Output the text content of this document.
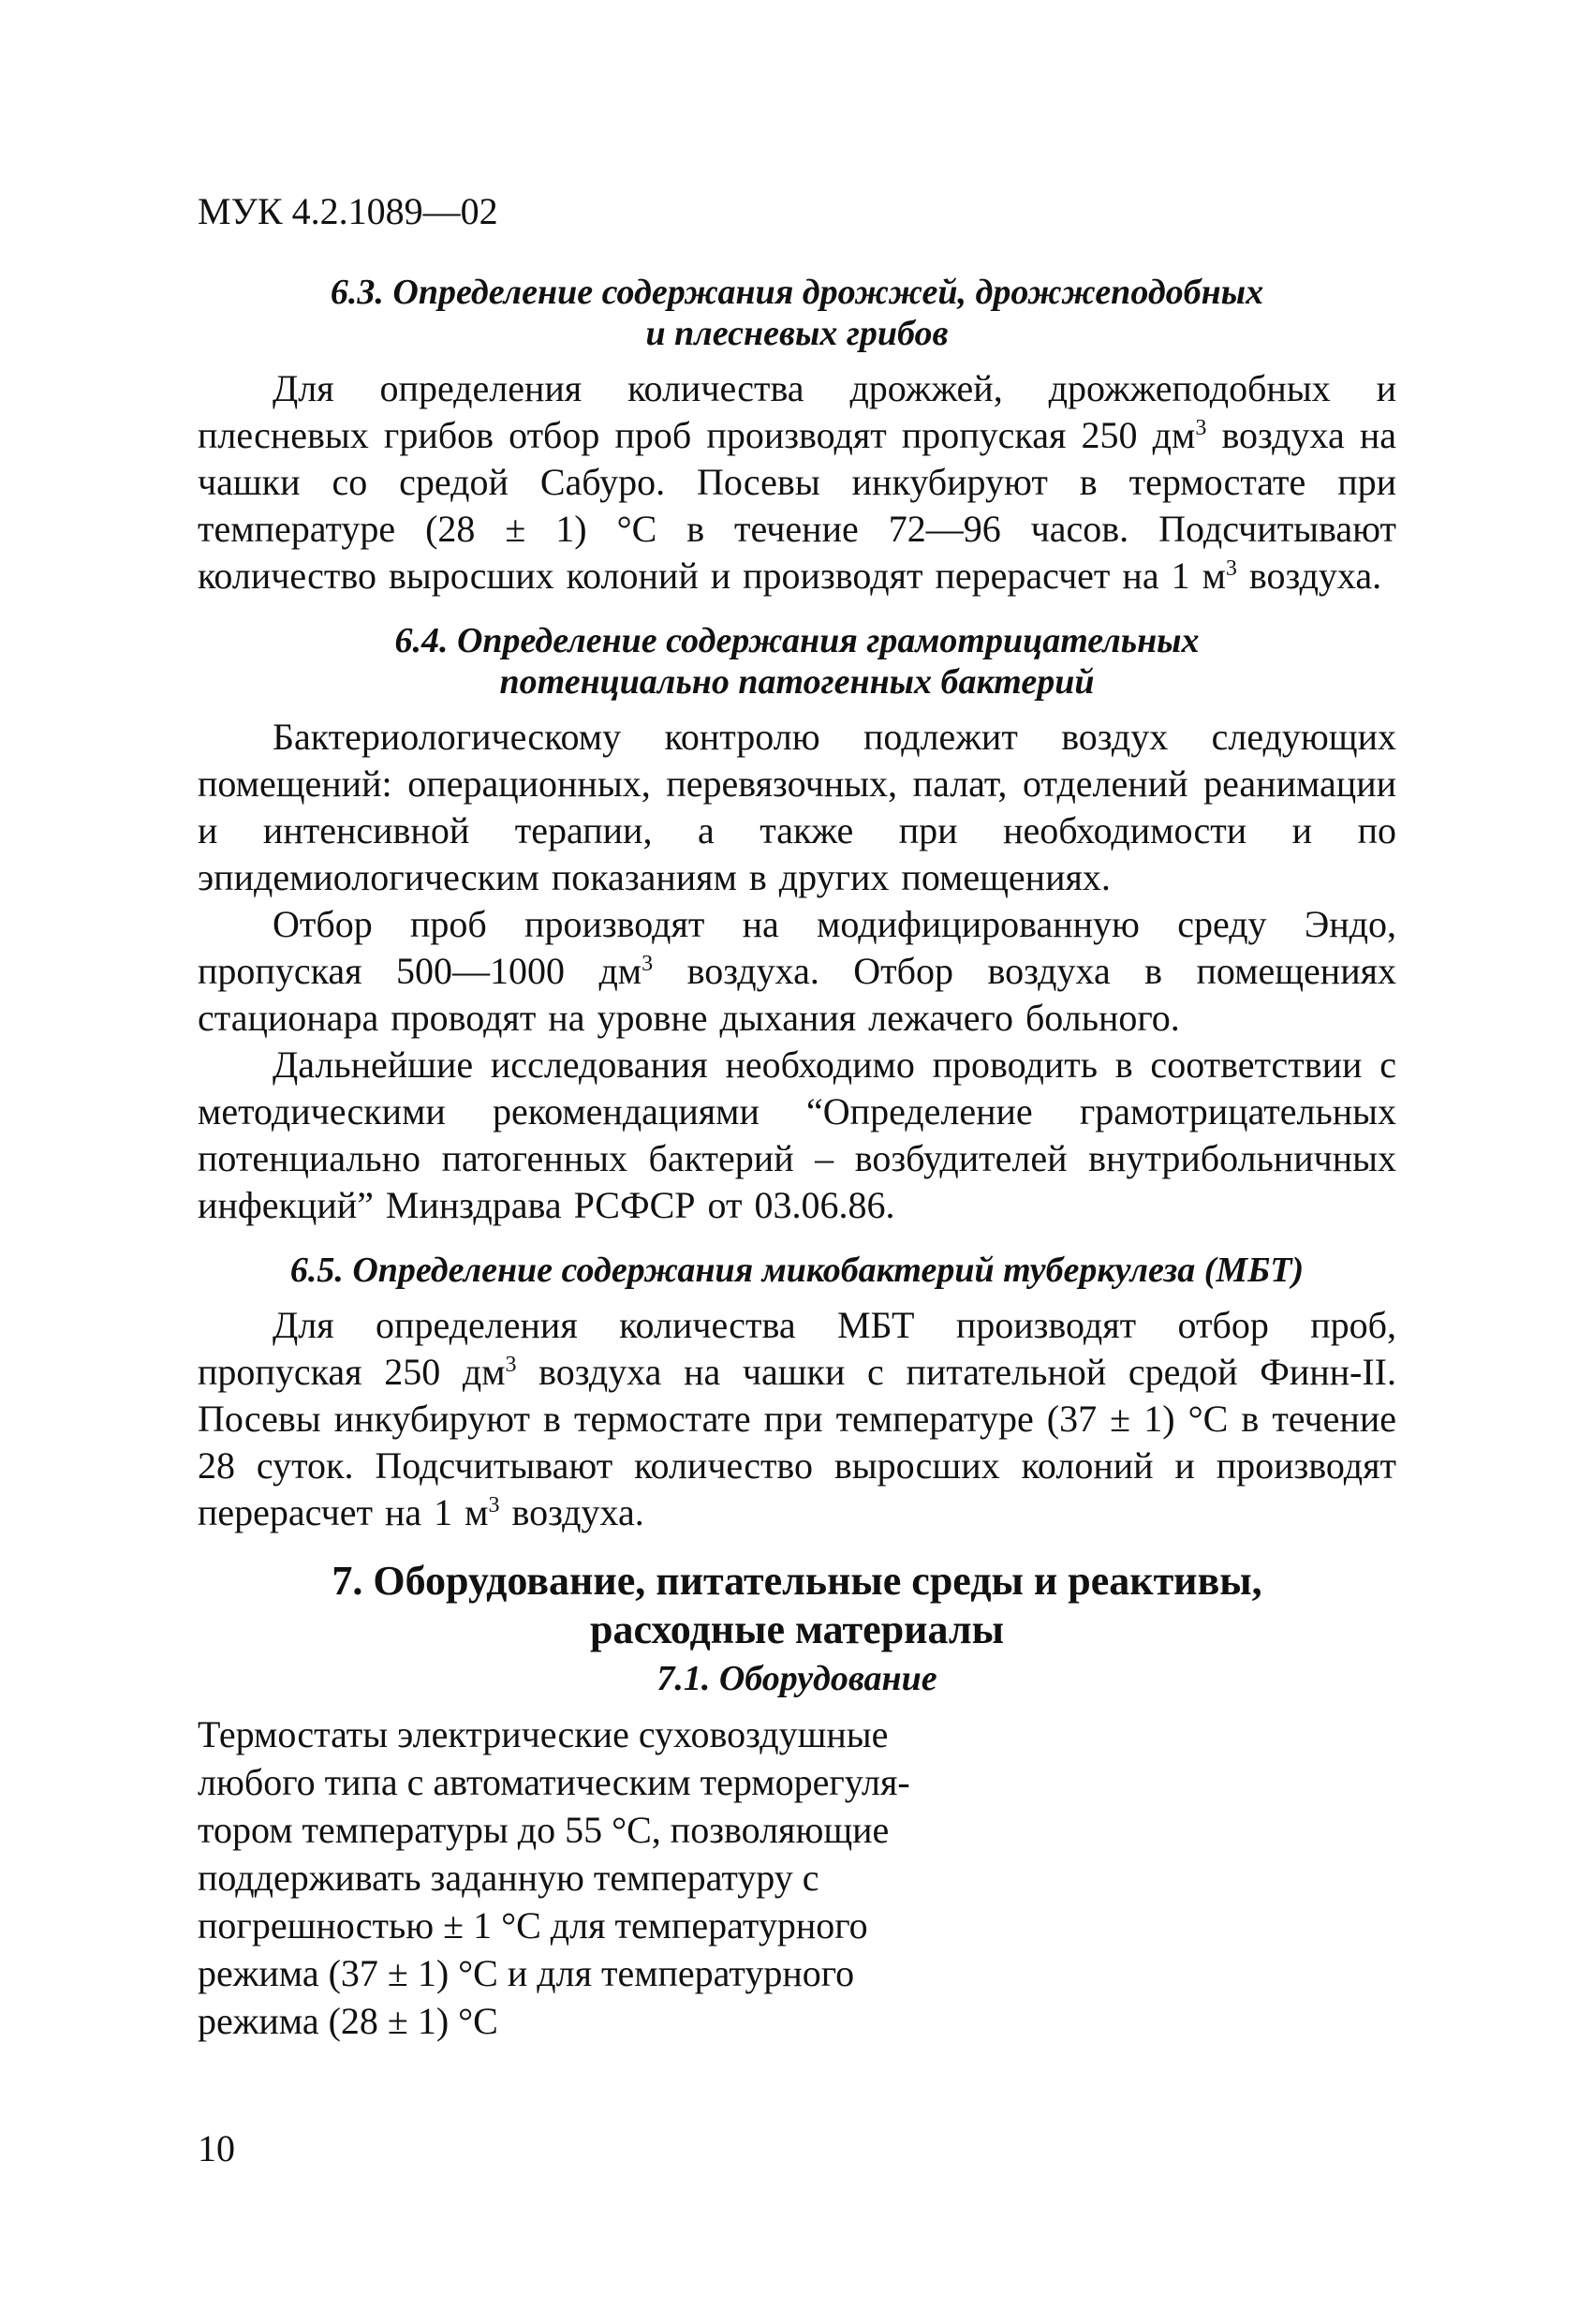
МУК 4.2.1089—02
6.3. Определение содержания дрожжей, дрожжеподобных
и плесневых грибов

Для определения количества дрожжей, дрожжеподобных и плесневых грибов отбор проб производят пропуская 250 $дм^3$ воздуха на чашки со средой Сабуро. Посевы инкубируют в термостате при температуре (28 ± 1) °С в течение 72—96 часов. Подсчитывают количество выросших колоний и производят перерасчет на 1 $м^3$ воздуха.

6.4. Определение содержания грамотрицательных
потенциально патогенных бактерий

Бактериологическому контролю подлежит воздух следующих помещений: операционных, перевязочных, палат, отделений реанимации и интенсивной терапии, а также при необходимости и по эпидемиологическим показаниям в других помещениях.

Отбор проб производят на модифицированную среду Эндо, пропуская 500—1000 $дм^3$ воздуха. Отбор воздуха в помещениях стационара проводят на уровне дыхания лежачего больного.

Дальнейшие исследования необходимо проводить в соответствии с методическими рекомендациями “Определение грамотрицательных потенциально патогенных бактерий – возбудителей внутрибольничных инфекций” Минздрава РСФСР от 03.06.86.

6.5. Определение содержания микобактерий туберкулеза (МБТ)

Для определения количества МБТ производят отбор проб, пропуская 250 $дм^3$ воздуха на чашки с питательной средой Финн-II. Посевы инкубируют в термостате при температуре (37 ± 1) °С в течение 28 суток. Подсчитывают количество выросших колоний и производят перерасчет на 1 $м^3$ воздуха.

7. Оборудование, питательные среды и реактивы,
расходные материалы
7.1. Оборудование
Термостаты электрические суховоздушные
любого типа с автоматическим терморегуля-
тором температуры до 55 °С, позволяющие
поддерживать заданную температуру с
погрешностью ± 1 °С для температурного
режима (37 ± 1) °С и для температурного
режима (28 ± 1) °С
10
